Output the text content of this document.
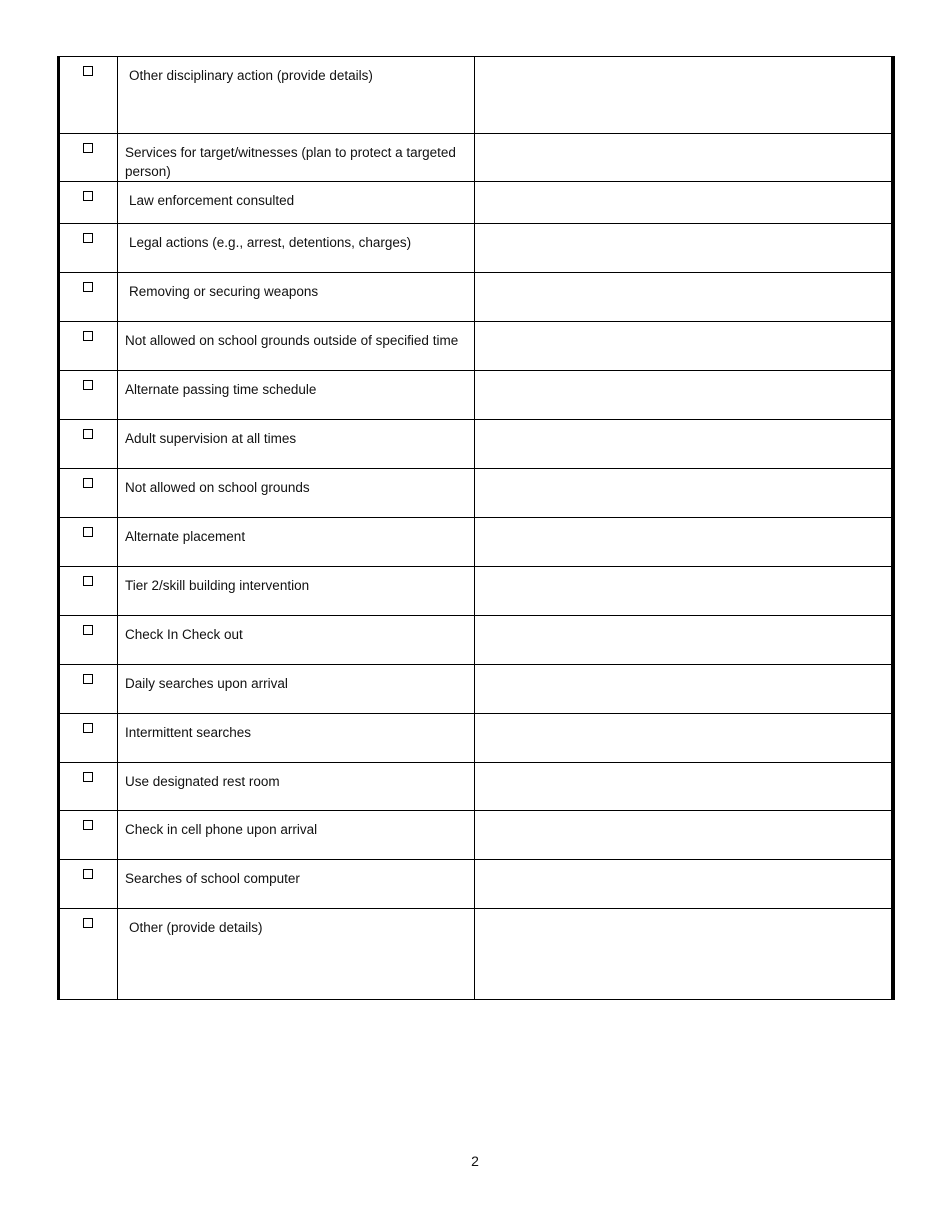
	Other disciplinary action (provide details)	
	Services for target/witnesses (plan to protect a targeted person)	
	Law enforcement consulted	
	Legal actions (e.g., arrest, detentions, charges)	
	Removing or securing weapons	
	Not allowed on school grounds outside of specified time	
	Alternate passing time schedule	
	Adult supervision at all times	
	Not allowed on school grounds	
	Alternate placement	
	Tier 2/skill building intervention	
	Check In Check out	
	Daily searches upon arrival	
	Intermittent searches	
	Use designated rest room	
	Check in cell phone upon arrival	
	Searches of school computer	
	Other (provide details)	
2
